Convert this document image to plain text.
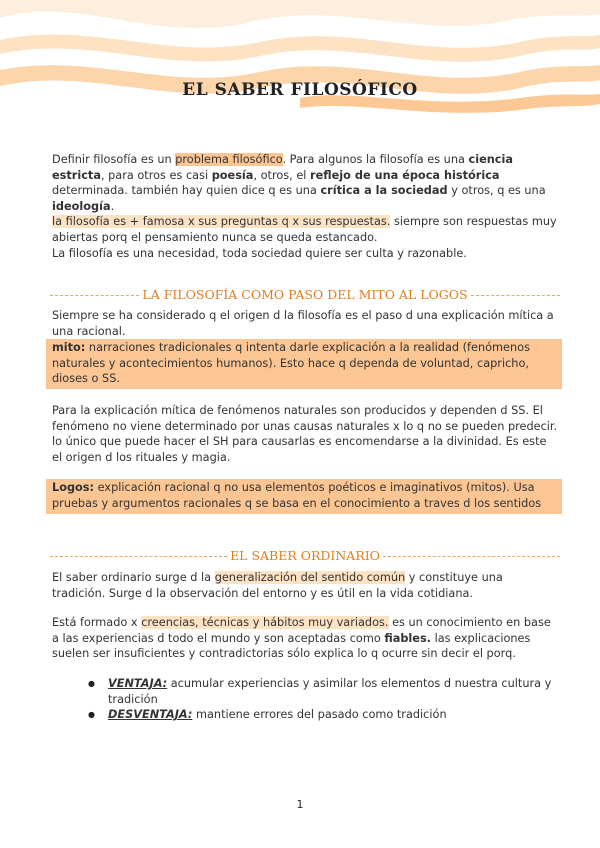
EL SABER FILOSÓFICO

Definir filosofía es un problema filosófico. Para algunos la filosofía es una ciencia estricta, para otros es casi poesía, otros, el reflejo de una época histórica determinada. también hay quien dice q es una crítica a la sociedad y otros, q es una ideología.

la filosofía es + famosa x sus preguntas q x sus respuestas. siempre son respuestas muy abiertas porq el pensamiento nunca se queda estancado.

La filosofía es una necesidad, toda sociedad quiere ser culta y razonable.

LA FILOSOFÍA COMO PASO DEL MITO AL LOGOS

Siempre se ha considerado q el origen d la filosofía es el paso d una explicación mítica a una racional.

mito: narraciones tradicionales q intenta darle explicación a la realidad (fenómenos naturales y acontecimientos humanos). Esto hace q dependa de voluntad, capricho, dioses o SS.

Para la explicación mítica de fenómenos naturales son producidos y dependen d SS. El fenómeno no viene determinado por unas causas naturales x lo q no se pueden predecir. lo único que puede hacer el SH para causarlas es encomendarse a la divinidad. Es este el origen d los rituales y magia.

Logos: explicación racional q no usa elementos poéticos e imaginativos (mitos). Usa pruebas y argumentos racionales q se basa en el conocimiento a traves d los sentidos

EL SABER ORDINARIO

El saber ordinario surge d la generalización del sentido común y constituye una tradición. Surge d la observación del entorno y es útil en la vida cotidiana.

Está formado x creencias, técnicas y hábitos muy variados. es un conocimiento en base a las experiencias d todo el mundo y son aceptadas como fiables. las explicaciones suelen ser insuficientes y contradictorias sólo explica lo q ocurre sin decir el porq.

● VENTAJA: acumular experiencias y asimilar los elementos d nuestra cultura y tradición
● DESVENTAJA: mantiene errores del pasado como tradición
1
